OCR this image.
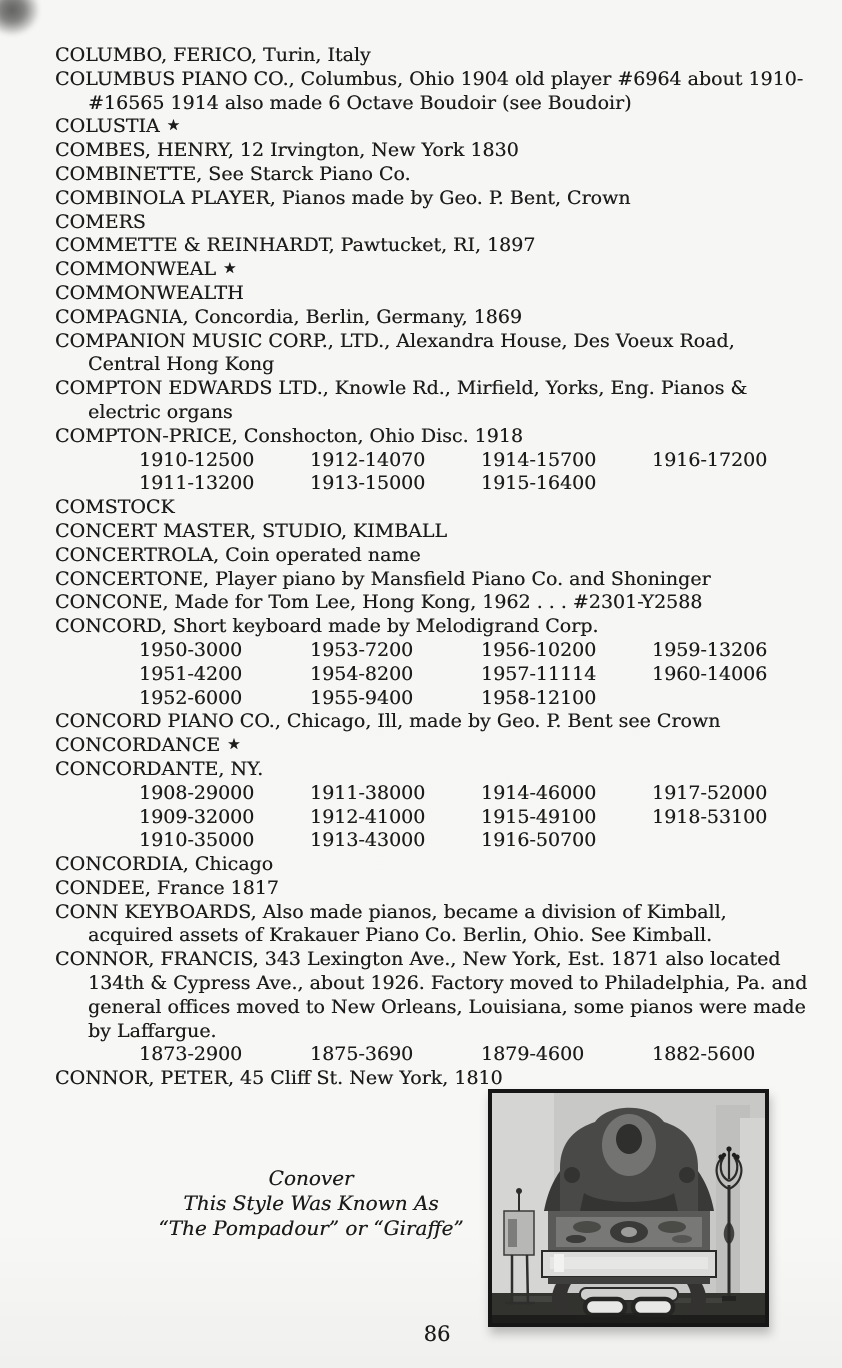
COLUMBO, FERICO, Turin, Italy
COLUMBUS PIANO CO., Columbus, Ohio 1904 old player #6964 about 1910-
#16565 1914 also made 6 Octave Boudoir (see Boudoir)
COLUSTIA ★
COMBES, HENRY, 12 Irvington, New York 1830
COMBINETTE, See Starck Piano Co.
COMBINOLA PLAYER, Pianos made by Geo. P. Bent, Crown
COMERS
COMMETTE & REINHARDT, Pawtucket, RI, 1897
COMMONWEAL ★
COMMONWEALTH
COMPAGNIA, Concordia, Berlin, Germany, 1869
COMPANION MUSIC CORP., LTD., Alexandra House, Des Voeux Road,
Central Hong Kong
COMPTON EDWARDS LTD., Knowle Rd., Mirfield, Yorks, Eng. Pianos &
electric organs
COMPTON-PRICE, Conshocton, Ohio Disc. 1918
1910-12500	1912-14070	1914-15700	1916-17200
1911-13200	1913-15000	1915-16400
COMSTOCK
CONCERT MASTER, STUDIO, KIMBALL
CONCERTROLA, Coin operated name
CONCERTONE, Player piano by Mansfield Piano Co. and Shoninger
CONCONE, Made for Tom Lee, Hong Kong, 1962 . . . #2301-Y2588
CONCORD, Short keyboard made by Melodigrand Corp.
1950-3000	1953-7200	1956-10200	1959-13206
1951-4200	1954-8200	1957-11114	1960-14006
1952-6000	1955-9400	1958-12100
CONCORD PIANO CO., Chicago, Ill, made by Geo. P. Bent see Crown
CONCORDANCE ★
CONCORDANTE, NY.
1908-29000	1911-38000	1914-46000	1917-52000
1909-32000	1912-41000	1915-49100	1918-53100
1910-35000	1913-43000	1916-50700
CONCORDIA, Chicago
CONDEE, France 1817
CONN KEYBOARDS, Also made pianos, became a division of Kimball,
acquired assets of Krakauer Piano Co. Berlin, Ohio. See Kimball.
CONNOR, FRANCIS, 343 Lexington Ave., New York, Est. 1871 also located
134th & Cypress Ave., about 1926. Factory moved to Philadelphia, Pa. and
general offices moved to New Orleans, Louisiana, some pianos were made
by Laffargue.
1873-2900	1875-3690	1879-4600	1882-5600
CONNOR, PETER, 45 Cliff St. New York, 1810
Conover
This Style Was Known As
“The Pompadour” or “Giraffe”
86
